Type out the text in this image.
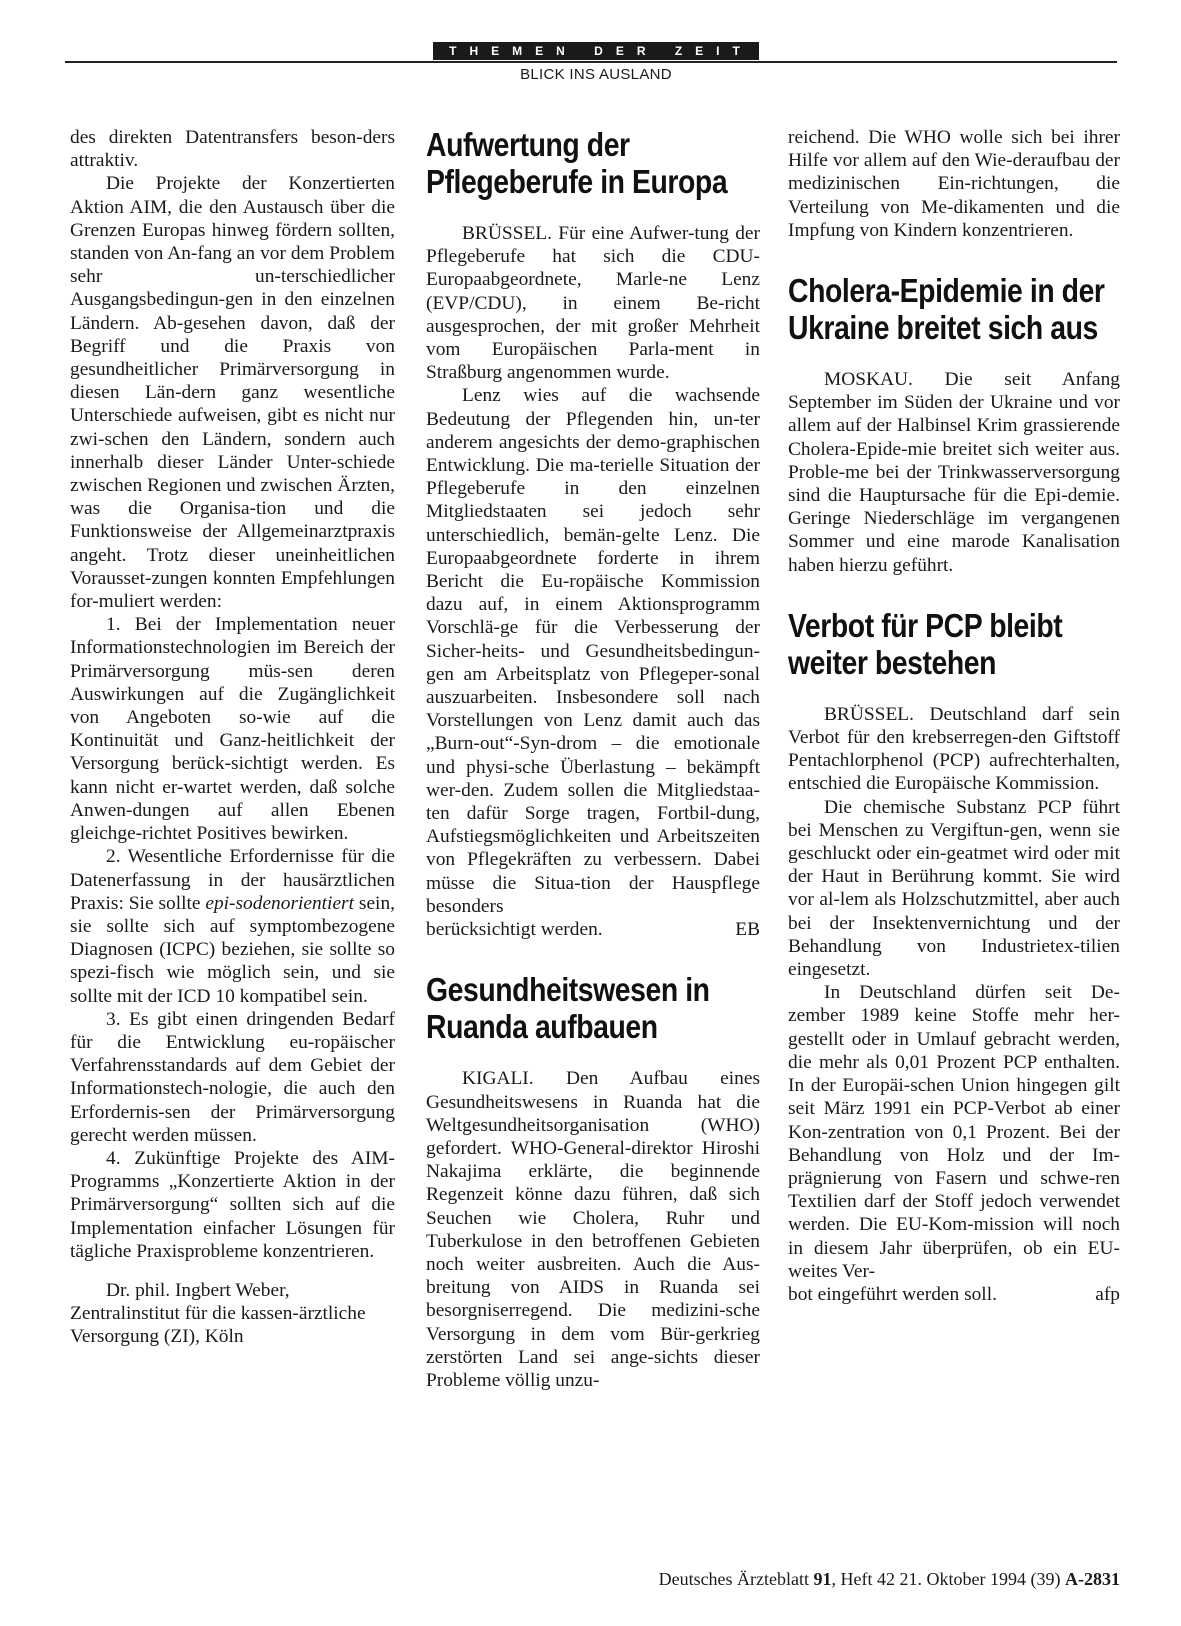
THEMEN DER ZEIT
BLICK INS AUSLAND

des direkten Datentransfers beson-ders attraktiv.

Die Projekte der Konzertierten Aktion AIM, die den Austausch über die Grenzen Europas hinweg fördern sollten, standen von An-fang an vor dem Problem sehr un-terschiedlicher Ausgangsbedingun-gen in den einzelnen Ländern. Ab-gesehen davon, daß der Begriff und die Praxis von gesundheitlicher Primärversorgung in diesen Län-dern ganz wesentliche Unterschiede aufweisen, gibt es nicht nur zwi-schen den Ländern, sondern auch innerhalb dieser Länder Unter-schiede zwischen Regionen und zwischen Ärzten, was die Organisa-tion und die Funktionsweise der Allgemeinarztpraxis angeht. Trotz dieser uneinheitlichen Vorausset-zungen konnten Empfehlungen for-muliert werden:

1. Bei der Implementation neuer Informationstechnologien im Bereich der Primärversorgung müs-sen deren Auswirkungen auf die Zugänglichkeit von Angeboten so-wie auf die Kontinuität und Ganz-heitlichkeit der Versorgung berück-sichtigt werden. Es kann nicht er-wartet werden, daß solche Anwen-dungen auf allen Ebenen gleichge-richtet Positives bewirken.

2. Wesentliche Erfordernisse für die Datenerfassung in der hausärztlichen Praxis: Sie sollte epi-sodenorientiert sein, sie sollte sich auf symptombezogene Diagnosen (ICPC) beziehen, sie sollte so spezi-fisch wie möglich sein, und sie sollte mit der ICD 10 kompatibel sein.

3. Es gibt einen dringenden Bedarf für die Entwicklung eu-ropäischer Verfahrensstandards auf dem Gebiet der Informationstech-nologie, die auch den Erfordernis-sen der Primärversorgung gerecht werden müssen.

4. Zukünftige Projekte des AIM-Programms „Konzertierte Aktion in der Primärversorgung“ sollten sich auf die Implementation einfacher Lösungen für tägliche Praxisprobleme konzentrieren.

Dr. phil. Ingbert Weber, Zentralinstitut für die kassen-ärztliche Versorgung (ZI), Köln

Aufwertung der Pflegeberufe in Europa

BRÜSSEL. Für eine Aufwer-tung der Pflegeberufe hat sich die CDU-Europaabgeordnete, Marle-ne Lenz (EVP/CDU), in einem Be-richt ausgesprochen, der mit großer Mehrheit vom Europäischen Parla-ment in Straßburg angenommen wurde.

Lenz wies auf die wachsende Bedeutung der Pflegenden hin, un-ter anderem angesichts der demo-graphischen Entwicklung. Die ma-terielle Situation der Pflegeberufe in den einzelnen Mitgliedstaaten sei jedoch sehr unterschiedlich, bemän-gelte Lenz. Die Europaabgeordnete forderte in ihrem Bericht die Eu-ropäische Kommission dazu auf, in einem Aktionsprogramm Vorschlä-ge für die Verbesserung der Sicher-heits- und Gesundheitsbedingun-gen am Arbeitsplatz von Pflegeper-sonal auszuarbeiten. Insbesondere soll nach Vorstellungen von Lenz damit auch das „Burn-out“-Syn-drom – die emotionale und physi-sche Überlastung – bekämpft wer-den. Zudem sollen die Mitgliedstaa-ten dafür Sorge tragen, Fortbil-dung, Aufstiegsmöglichkeiten und Arbeitszeiten von Pflegekräften zu verbessern. Dabei müsse die Situa-tion der Hauspflege besonders

berücksichtigt werden.	EB
Gesundheitswesen in Ruanda aufbauen

KIGALI. Den Aufbau eines Gesundheitswesens in Ruanda hat die Weltgesundheitsorganisation (WHO) gefordert. WHO-General-direktor Hiroshi Nakajima erklärte, die beginnende Regenzeit könne dazu führen, daß sich Seuchen wie Cholera, Ruhr und Tuberkulose in den betroffenen Gebieten noch weiter ausbreiten. Auch die Aus-breitung von AIDS in Ruanda sei besorgniserregend. Die medizini-sche Versorgung in dem vom Bür-gerkrieg zerstörten Land sei ange-sichts dieser Probleme völlig unzu-

reichend. Die WHO wolle sich bei ihrer Hilfe vor allem auf den Wie-deraufbau der medizinischen Ein-richtungen, die Verteilung von Me-dikamenten und die Impfung von Kindern konzentrieren.

Cholera-Epidemie in der Ukraine breitet sich aus

MOSKAU. Die seit Anfang September im Süden der Ukraine und vor allem auf der Halbinsel Krim grassierende Cholera-Epide-mie breitet sich weiter aus. Proble-me bei der Trinkwasserversorgung sind die Hauptursache für die Epi-demie. Geringe Niederschläge im vergangenen Sommer und eine marode Kanalisation haben hierzu geführt.

Verbot für PCP bleibt weiter bestehen

BRÜSSEL. Deutschland darf sein Verbot für den krebserregen-den Giftstoff Pentachlorphenol (PCP) aufrechterhalten, entschied die Europäische Kommission.

Die chemische Substanz PCP führt bei Menschen zu Vergiftun-gen, wenn sie geschluckt oder ein-geatmet wird oder mit der Haut in Berührung kommt. Sie wird vor al-lem als Holzschutzmittel, aber auch bei der Insektenvernichtung und der Behandlung von Industrietex-tilien eingesetzt.

In Deutschland dürfen seit De-zember 1989 keine Stoffe mehr her-gestellt oder in Umlauf gebracht werden, die mehr als 0,01 Prozent PCP enthalten. In der Europäi-schen Union hingegen gilt seit März 1991 ein PCP-Verbot ab einer Kon-zentration von 0,1 Prozent. Bei der Behandlung von Holz und der Im-prägnierung von Fasern und schwe-ren Textilien darf der Stoff jedoch verwendet werden. Die EU-Kom-mission will noch in diesem Jahr überprüfen, ob ein EU-weites Ver-

bot eingeführt werden soll.	afp
Deutsches Ärzteblatt 91, Heft 42 21. Oktober 1994 (39) A-2831
